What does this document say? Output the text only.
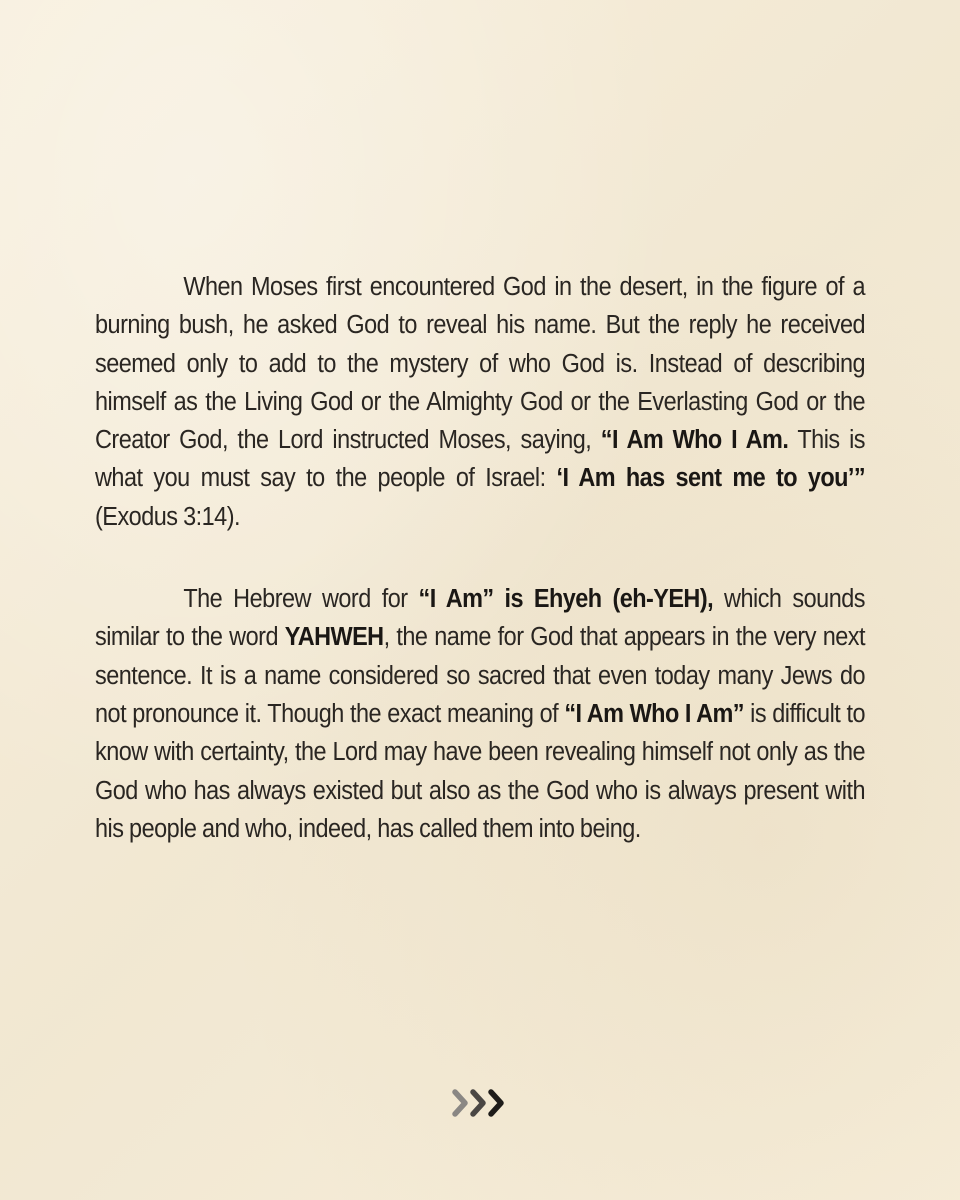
When Moses first encountered God in the desert, in the figure of a burning bush, he asked God to reveal his name. But the reply he received seemed only to add to the mystery of who God is. Instead of describing himself as the Living God or the Almighty God or the Everlasting God or the Creator God, the Lord instructed Moses, saying, “I Am Who I Am. This is what you must say to the people of Israel: ‘I Am has sent me to you’” (Exodus 3:14).

The Hebrew word for “I Am” is Ehyeh (eh-YEH), which sounds similar to the word YAHWEH, the name for God that appears in the very next sentence. It is a name considered so sacred that even today many Jews do not pronounce it. Though the exact meaning of “I Am Who I Am” is difficult to know with certainty, the Lord may have been revealing himself not only as the God who has always existed but also as the God who is always present with his people and who, indeed, has called them into being.
